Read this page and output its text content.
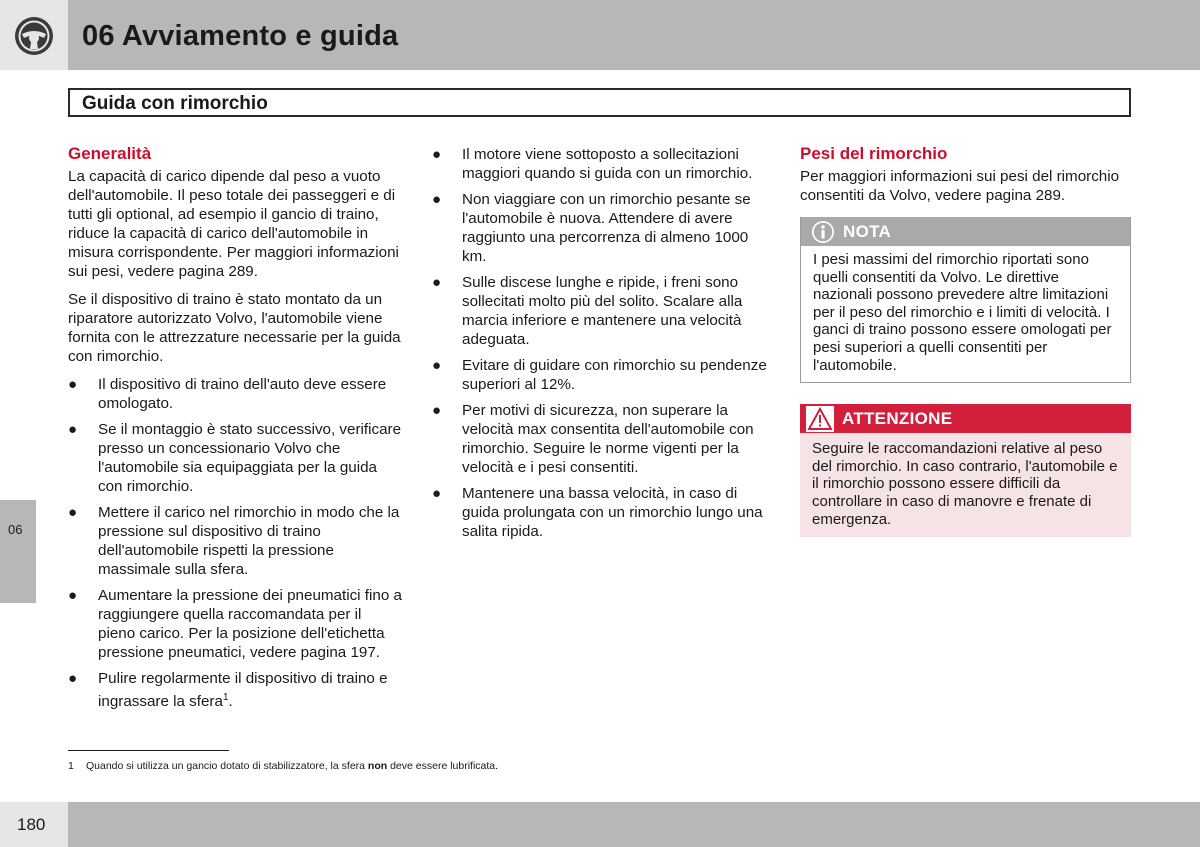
06 Avviamento e guida
Guida con rimorchio
06
Generalità

La capacità di carico dipende dal peso a vuoto dell'automobile. Il peso totale dei passeggeri e di tutti gli optional, ad esempio il gancio di traino, riduce la capacità di carico dell'automobile in misura corrispondente. Per maggiori informazioni sui pesi, vedere pagina 289.

Se il dispositivo di traino è stato montato da un riparatore autorizzato Volvo, l'automobile viene fornita con le attrezzature necessarie per la guida con rimorchio.

●	Il dispositivo di traino dell'auto deve essere omologato.
●	Se il montaggio è stato successivo, verificare presso un concessionario Volvo che l'automobile sia equipaggiata per la guida con rimorchio.
●	Mettere il carico nel rimorchio in modo che la pressione sul dispositivo di traino dell'automobile rispetti la pressione massimale sulla sfera.
●	Aumentare la pressione dei pneumatici fino a raggiungere quella raccomandata per il pieno carico. Per la posizione dell'etichetta pressione pneumatici, vedere pagina 197.
●	Pulire regolarmente il dispositivo di traino e ingrassare la sfera$^1$.
●	Il motore viene sottoposto a sollecitazioni maggiori quando si guida con un rimorchio.
●	Non viaggiare con un rimorchio pesante se l'automobile è nuova. Attendere di avere raggiunto una percorrenza di almeno 1000 km.
●	Sulle discese lunghe e ripide, i freni sono sollecitati molto più del solito. Scalare alla marcia inferiore e mantenere una velocità adeguata.
●	Evitare di guidare con rimorchio su pendenze superiori al 12%.
●	Per motivi di sicurezza, non superare la velocità max consentita dell'automobile con rimorchio. Seguire le norme vigenti per la velocità e i pesi consentiti.
●	Mantenere una bassa velocità, in caso di guida prolungata con un rimorchio lungo una salita ripida.
Pesi del rimorchio

Per maggiori informazioni sui pesi del rimorchio consentiti da Volvo, vedere pagina 289.

NOTA
I pesi massimi del rimorchio riportati sono quelli consentiti da Volvo. Le direttive nazionali possono prevedere altre limitazioni per il peso del rimorchio e i limiti di velocità. I ganci di traino possono essere omologati per pesi superiori a quelli consentiti per l'automobile.
ATTENZIONE
Seguire le raccomandazioni relative al peso del rimorchio. In caso contrario, l'automobile e il rimorchio possono essere difficili da controllare in caso di manovre e frenate di emergenza.
1 Quando si utilizza un gancio dotato di stabilizzatore, la sfera non deve essere lubrificata.
180
